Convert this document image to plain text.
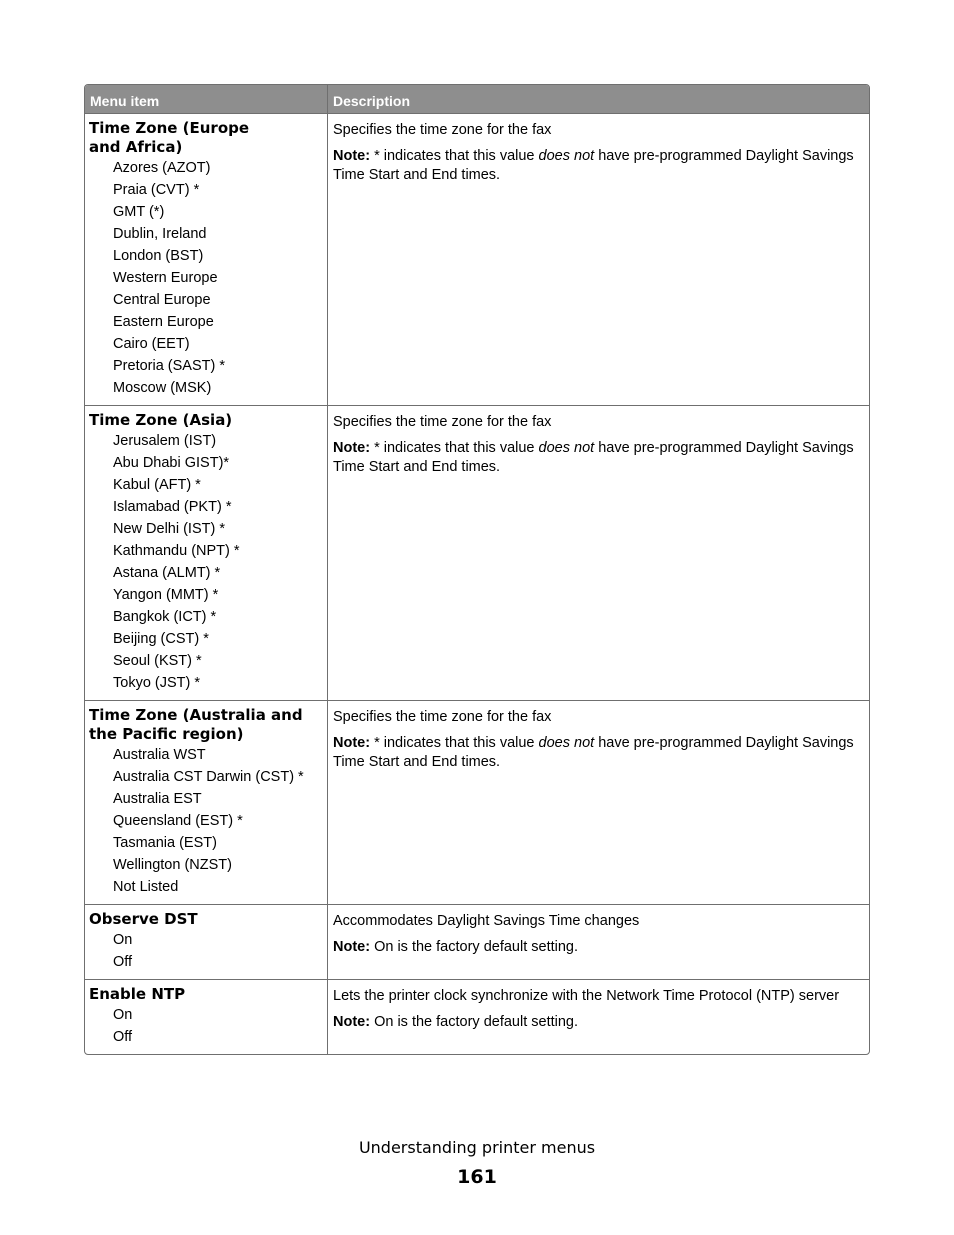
Menu item	Description
Time Zone (Europe and Africa)
Azores (AZOT)
Praia (CVT) *
GMT (*)
Dublin, Ireland
London (BST)
Western Europe
Central Europe
Eastern Europe
Cairo (EET)
Pretoria (SAST) *
Moscow (MSK)

Specifies the time zone for the fax

Note: * indicates that this value does not have pre-programmed Daylight Savings Time Start and End times.

Time Zone (Asia)
Jerusalem (IST)
Abu Dhabi GIST)*
Kabul (AFT) *
Islamabad (PKT) *
New Delhi (IST) *
Kathmandu (NPT) *
Astana (ALMT) *
Yangon (MMT) *
Bangkok (ICT) *
Beijing (CST) *
Seoul (KST) *
Tokyo (JST) *

Specifies the time zone for the fax

Note: * indicates that this value does not have pre-programmed Daylight Savings Time Start and End times.

Time Zone (Australia and the Pacific region)
Australia WST
Australia CST Darwin (CST) *
Australia EST
Queensland (EST) *
Tasmania (EST)
Wellington (NZST)
Not Listed

Specifies the time zone for the fax

Note: * indicates that this value does not have pre-programmed Daylight Savings Time Start and End times.

Observe DST
On
Off

Accommodates Daylight Savings Time changes

Note: On is the factory default setting.

Enable NTP
On
Off

Lets the printer clock synchronize with the Network Time Protocol (NTP) server

Note: On is the factory default setting.

Understanding printer menus
161
